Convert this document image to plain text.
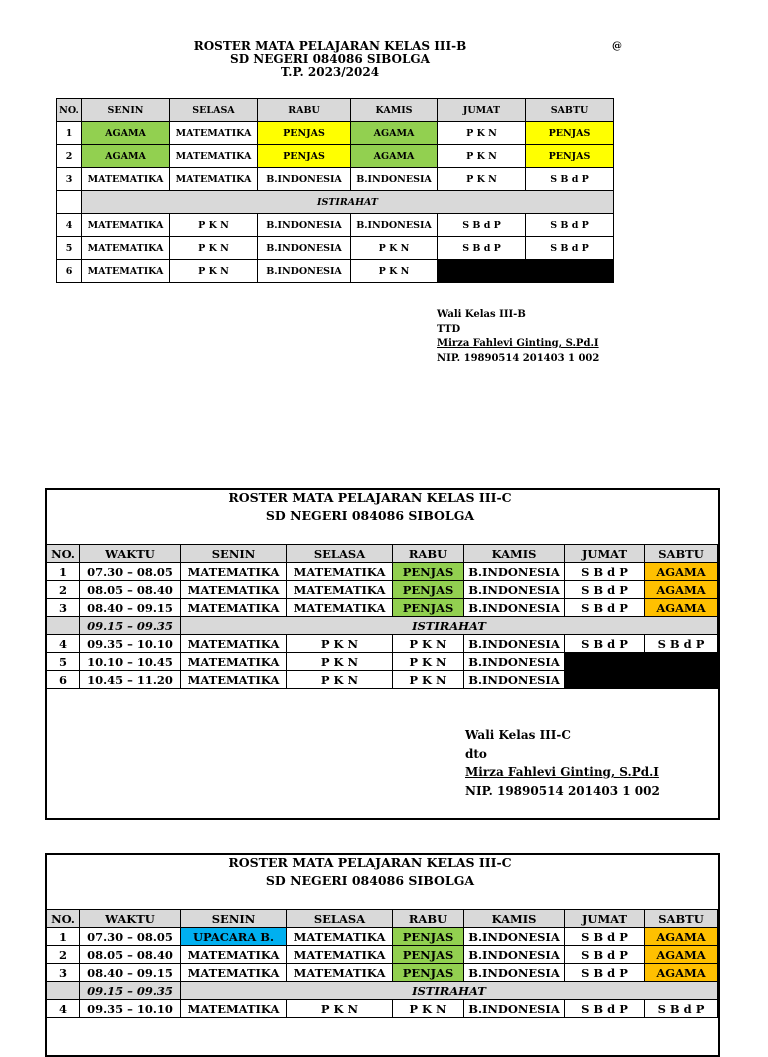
ROSTER MATA PELAJARAN KELAS III-B
SD NEGERI 084086 SIBOLGA
T.P. 2023/2024
@
NO.	SENIN	SELASA	RABU	KAMIS	JUMAT	SABTU
1	AGAMA	MATEMATIKA	PENJAS	AGAMA	P K N	PENJAS
2	AGAMA	MATEMATIKA	PENJAS	AGAMA	P K N	PENJAS
3	MATEMATIKA	MATEMATIKA	B.INDONESIA	B.INDONESIA	P K N	S B d P
	ISTIRAHAT					
4	MATEMATIKA	P K N	B.INDONESIA	B.INDONESIA	S B d P	S B d P
5	MATEMATIKA	P K N	B.INDONESIA	P K N	S B d P	S B d P
6	MATEMATIKA	P K N	B.INDONESIA	P K N		
Wali Kelas III-B
TTD
Mirza Fahlevi Ginting, S.Pd.I
NIP. 19890514 201403 1 002
ROSTER MATA PELAJARAN KELAS III-C
SD NEGERI 084086 SIBOLGA
NO.	WAKTU	SENIN	SELASA	RABU	KAMIS	JUMAT	SABTU
1	07.30 – 08.05	MATEMATIKA	MATEMATIKA	PENJAS	B.INDONESIA	S B d P	AGAMA
2	08.05 – 08.40	MATEMATIKA	MATEMATIKA	PENJAS	B.INDONESIA	S B d P	AGAMA
3	08.40 – 09.15	MATEMATIKA	MATEMATIKA	PENJAS	B.INDONESIA	S B d P	AGAMA
	09.15 – 09.35	ISTIRAHAT					
4	09.35 – 10.10	MATEMATIKA	P K N	P K N	B.INDONESIA	S B d P	S B d P
5	10.10 – 10.45	MATEMATIKA	P K N	P K N	B.INDONESIA		
6	10.45 – 11.20	MATEMATIKA	P K N	P K N	B.INDONESIA		
Wali Kelas III-C
dto
Mirza Fahlevi Ginting, S.Pd.I
NIP. 19890514 201403 1 002
ROSTER MATA PELAJARAN KELAS III-C
SD NEGERI 084086 SIBOLGA
NO.	WAKTU	SENIN	SELASA	RABU	KAMIS	JUMAT	SABTU
1	07.30 – 08.05	UPACARA B.	MATEMATIKA	PENJAS	B.INDONESIA	S B d P	AGAMA
2	08.05 – 08.40	MATEMATIKA	MATEMATIKA	PENJAS	B.INDONESIA	S B d P	AGAMA
3	08.40 – 09.15	MATEMATIKA	MATEMATIKA	PENJAS	B.INDONESIA	S B d P	AGAMA
	09.15 – 09.35	ISTIRAHAT					
4	09.35 – 10.10	MATEMATIKA	P K N	P K N	B.INDONESIA	S B d P	S B d P
